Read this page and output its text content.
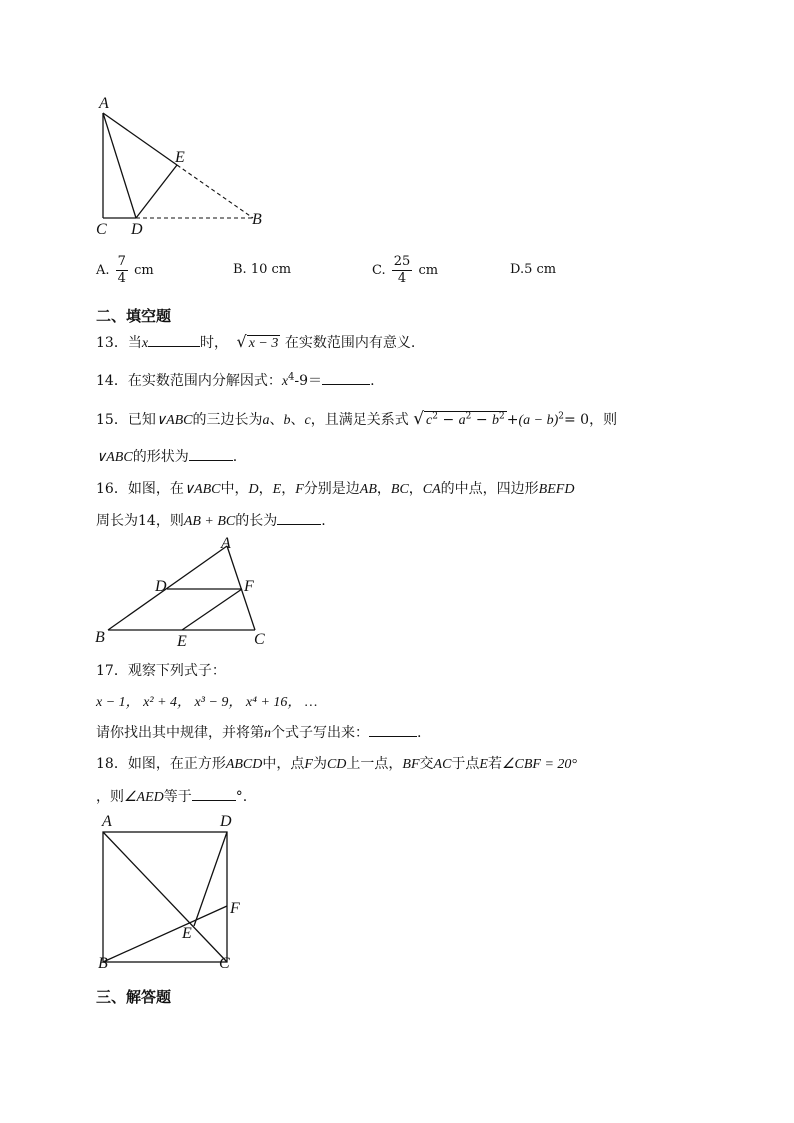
A
E
B
C D
A. $\frac{7}{4}$ cm	B. 10 cm	C. $\frac{25}{4}$ cm	D.5 cm
二、填空题
13．当x	时， √ x − 3 在实数范围内有意义.
14．在实数范围内分解因式：$x^4-9=$	.
15．已知∨ABC的三边长为a、b、c，且满足关系式 √ $c^2 - a^2 - b^2 +(a - b)^2= 0$，则
∨ABC的形状为	.
16．如图，在∨ABC中，D，E，F分别是边AB，BC，CA的中点，四边形BEFD
周长为14，则AB + BC的长为	.
A
D	F
B	E	C
17．观察下列式子：
x − 1， x² + 4， x³ − 9， x⁴ + 16， …
请你找出其中规律，并将第n个式子写出来：	.
18．如图，在正方形ABCD中，点F为CD上一点，BF交AC于点E若∠CBF = 20°
，则∠AED等于	°.
A	D
F
E
B	C
三、解答题
